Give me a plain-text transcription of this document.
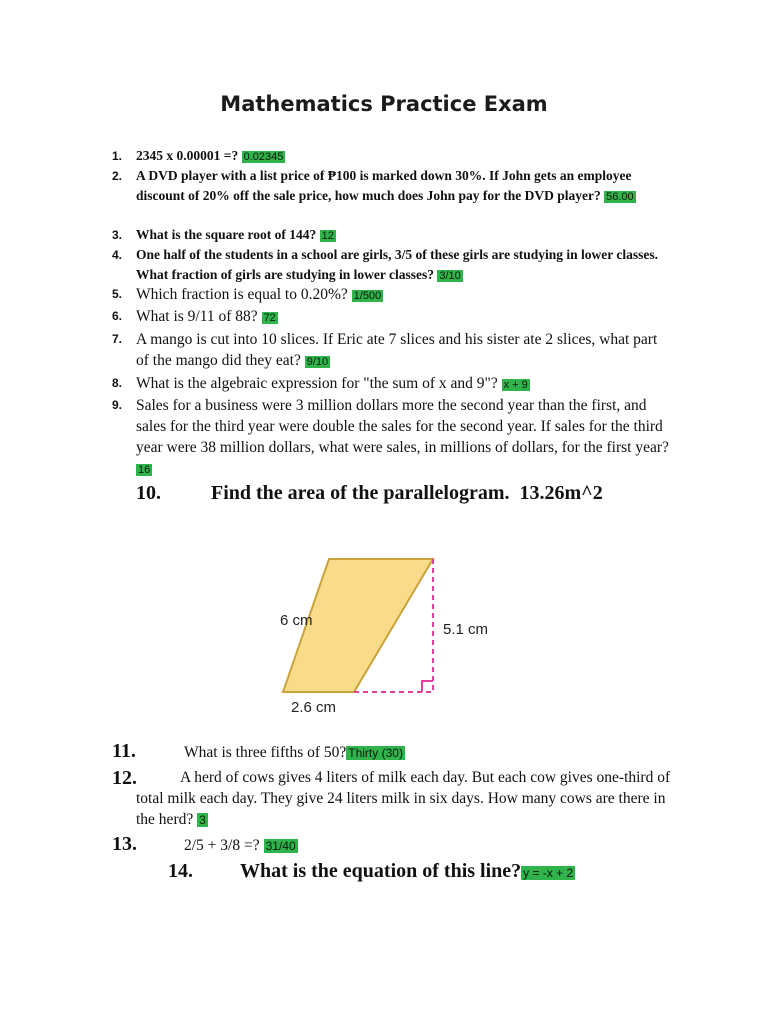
Mathematics Practice Exam
1. 2345 x 0.00001 =? 0.02345
2. A DVD player with a list price of ₱100 is marked down 30%. If John gets an employee discount of 20% off the sale price, how much does John pay for the DVD player? 56.00
3. What is the square root of 144? 12
4. One half of the students in a school are girls, 3/5 of these girls are studying in lower classes. What fraction of girls are studying in lower classes? 3/10
5. Which fraction is equal to 0.20%? 1/500
6. What is 9/11 of 88? 72
7. A mango is cut into 10 slices. If Eric ate 7 slices and his sister ate 2 slices, what part of the mango did they eat? 9/10
8. What is the algebraic expression for "the sum of x and 9"? x + 9
9. Sales for a business were 3 million dollars more the second year than the first, and sales for the third year were double the sales for the second year. If sales for the third year were 38 million dollars, what were sales, in millions of dollars, for the first year? 16
10.	Find the area of the parallelogram. 13.26m^2
6 cm
5.1 cm
2.6 cm
11.	What is three fifths of 50? Thirty (30)
12.	A herd of cows gives 4 liters of milk each day. But each cow gives one-third of total milk each day. They give 24 liters milk in six days. How many cows are there in the herd? 3
13.	2/5 + 3/8 =? 31/40
14. What is the equation of this line? y = -x + 2
